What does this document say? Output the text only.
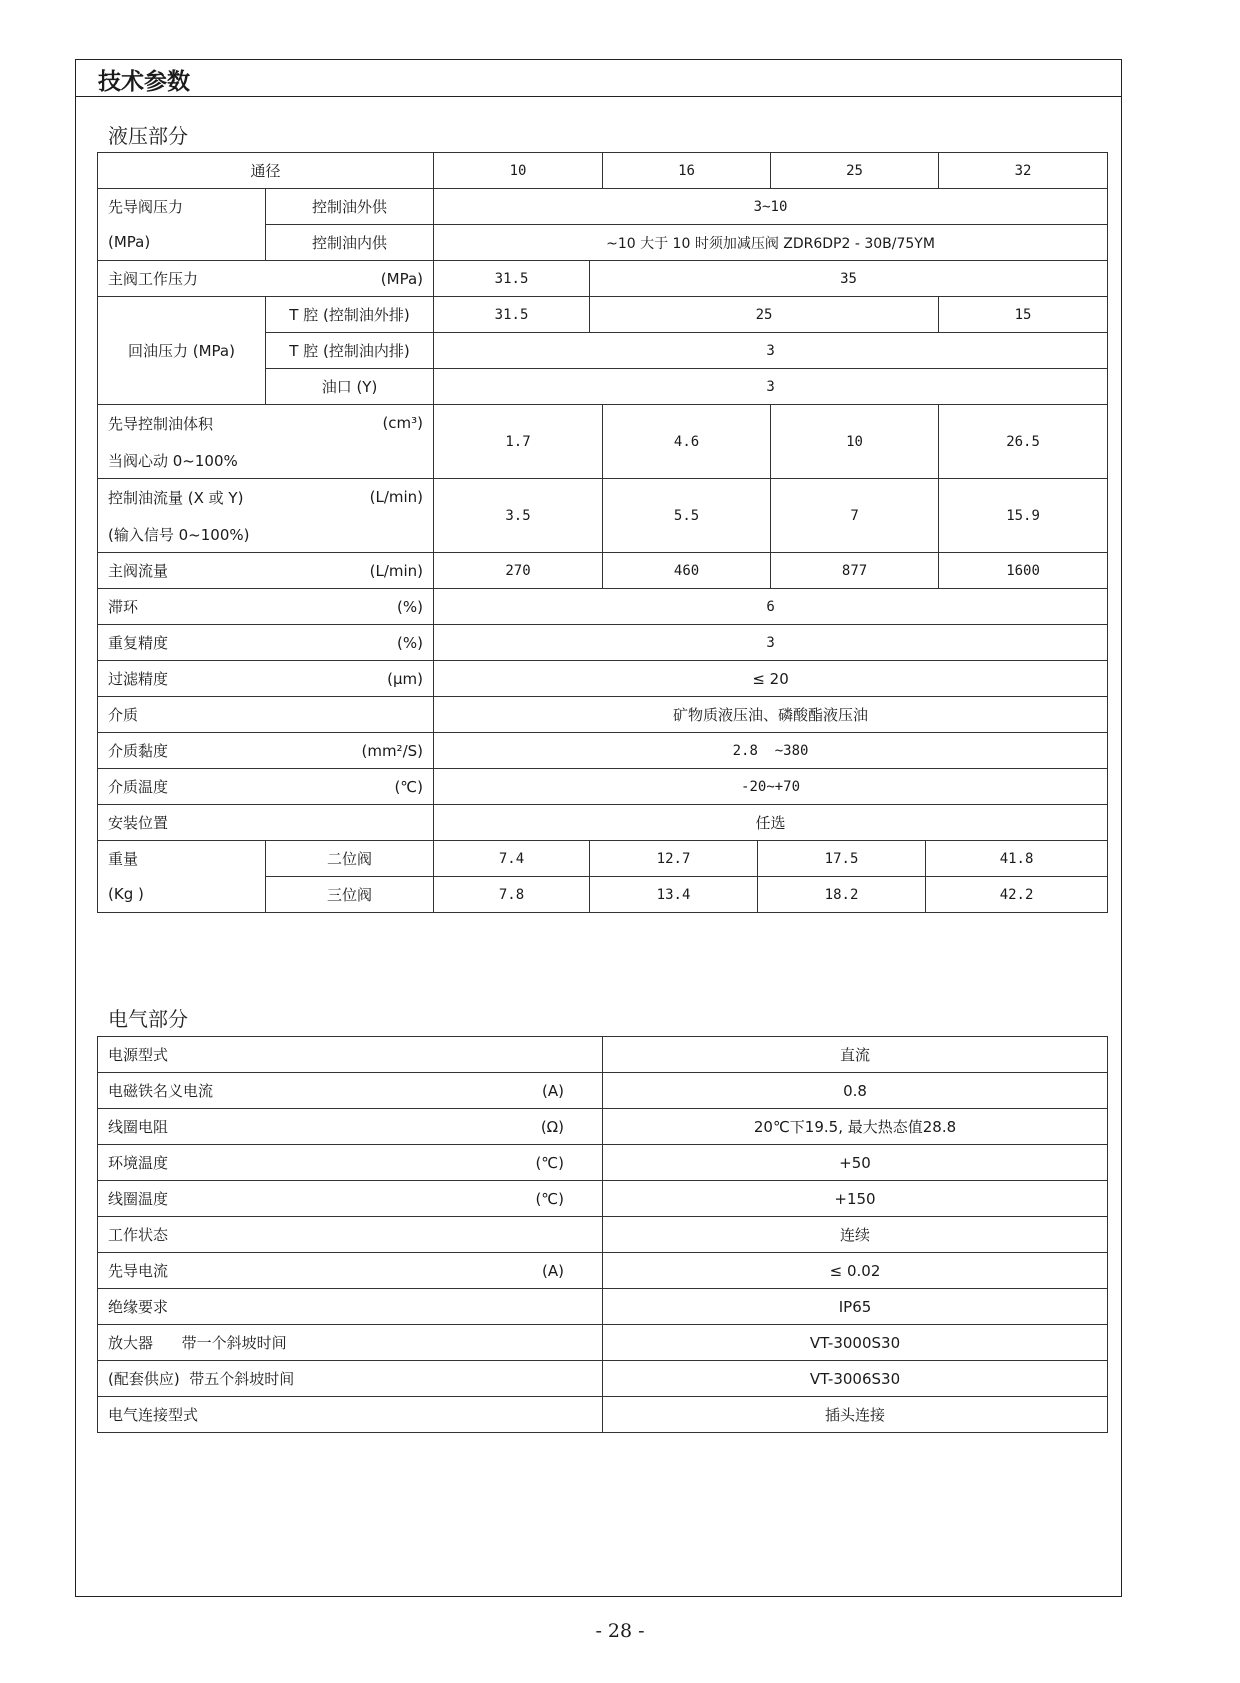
技术参数
液压部分
通径		10		16		25		32
先导阀压力	控制油外供	3~10						
(MPa)	控制油内供	~10 大于 10 时须加减压阀 ZDR6DP2 - 30B/75YM						

主阀工作压力 (MPa)		31.5	35					
回油压力 (MPa)	T 腔 (控制油外排)	31.5	25					15
	T 腔 (控制油内排)	3						
	油口 (Y)	3						

先导控制油体积 (cm³)
当阀心动 0~100%		1.7		4.6		10		26.5

控制油流量 (X 或 Y) (L/min)
(输入信号 0~100%)		3.5		5.5		7		15.9

主阀流量 (L/min)		270		460		877		1600

滞环 (%)		6						

重复精度 (%)		3						

过滤精度 (μm)		≤ 20						
介质		矿物质液压油、磷酸酯液压油						

介质黏度 (mm²/S)		2.8  ~380						

介质温度 (℃)		-20~+70						
安装位置		任选						
重量	二位阀	7.4	12.7		17.5		41.8	
(Kg )	三位阀	7.8	13.4		18.2		42.2	
电气部分
电源型式	直流

电磁铁名义电流 (A)	0.8

线圈电阻 (Ω)	20℃下19.5, 最大热态值28.8

环境温度 (℃)	+50

线圈温度 (℃)	+150

工作状态	连续

先导电流 (A)	≤ 0.02

绝缘要求	IP65

放大器      带一个斜坡时间	VT-3000S30

(配套供应)  带五个斜坡时间	VT-3006S30

电气连接型式	插头连接
- 28 -
